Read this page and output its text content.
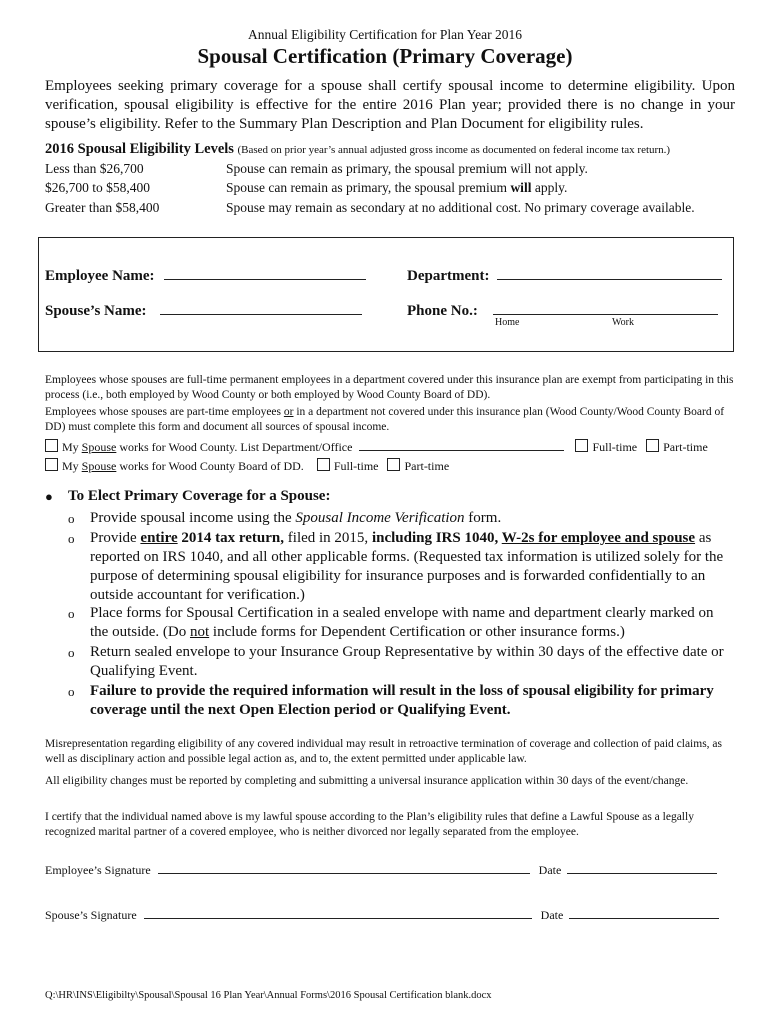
Annual Eligibility Certification for Plan Year 2016
Spousal Certification (Primary Coverage)
Employees seeking primary coverage for a spouse shall certify spousal income to determine eligibility. Upon verification, spousal eligibility is effective for the entire 2016 Plan year; provided there is no change in your spouse’s eligibility. Refer to the Summary Plan Description and Plan Document for eligibility rules.
2016 Spousal Eligibility Levels (Based on prior year’s annual adjusted gross income as documented on federal income tax return.)
Less than $26,700	Spouse can remain as primary, the spousal premium will not apply.
$26,700 to $58,400	Spouse can remain as primary, the spousal premium will apply.
Greater than $58,400	Spouse may remain as secondary at no additional cost. No primary coverage available.
Employee Name:	Department:
Spouse’s Name:	Phone No.:
Home	Work
Employees whose spouses are full-time permanent employees in a department covered under this insurance plan are exempt from participating in this process (i.e., both employed by Wood County or both employed by Wood County Board of DD).
Employees whose spouses are part-time employees or in a department not covered under this insurance plan (Wood County/Wood County Board of DD) must complete this form and document all sources of spousal income.
My Spouse works for Wood County. List Department/Office	Full-time Part-time
My Spouse works for Wood County Board of DD.	Full-time Part-time
● To Elect Primary Coverage for a Spouse:
o Provide spousal income using the Spousal Income Verification form.
o Provide entire 2014 tax return, filed in 2015, including IRS 1040, W-2s for employee and spouse as reported on IRS 1040, and all other applicable forms. (Requested tax information is utilized solely for the purpose of determining spousal eligibility for insurance purposes and is forwarded confidentially to an outside accountant for verification.)
o Place forms for Spousal Certification in a sealed envelope with name and department clearly marked on the outside. (Do not include forms for Dependent Certification or other insurance forms.)
o Return sealed envelope to your Insurance Group Representative by within 30 days of the effective date or Qualifying Event.
o Failure to provide the required information will result in the loss of spousal eligibility for primary coverage until the next Open Election period or Qualifying Event.
Misrepresentation regarding eligibility of any covered individual may result in retroactive termination of coverage and collection of paid claims, as well as disciplinary action and possible legal action as, and to, the extent permitted under applicable law.
All eligibility changes must be reported by completing and submitting a universal insurance application within 30 days of the event/change.
I certify that the individual named above is my lawful spouse according to the Plan’s eligibility rules that define a Lawful Spouse as a legally recognized marital partner of a covered employee, who is neither divorced nor legally separated from the employee.
Employee’s Signature	Date
Spouse’s Signature	Date
Q:\HR\INS\Eligibilty\Spousal\Spousal 16 Plan Year\Annual Forms\2016 Spousal Certification blank.docx
